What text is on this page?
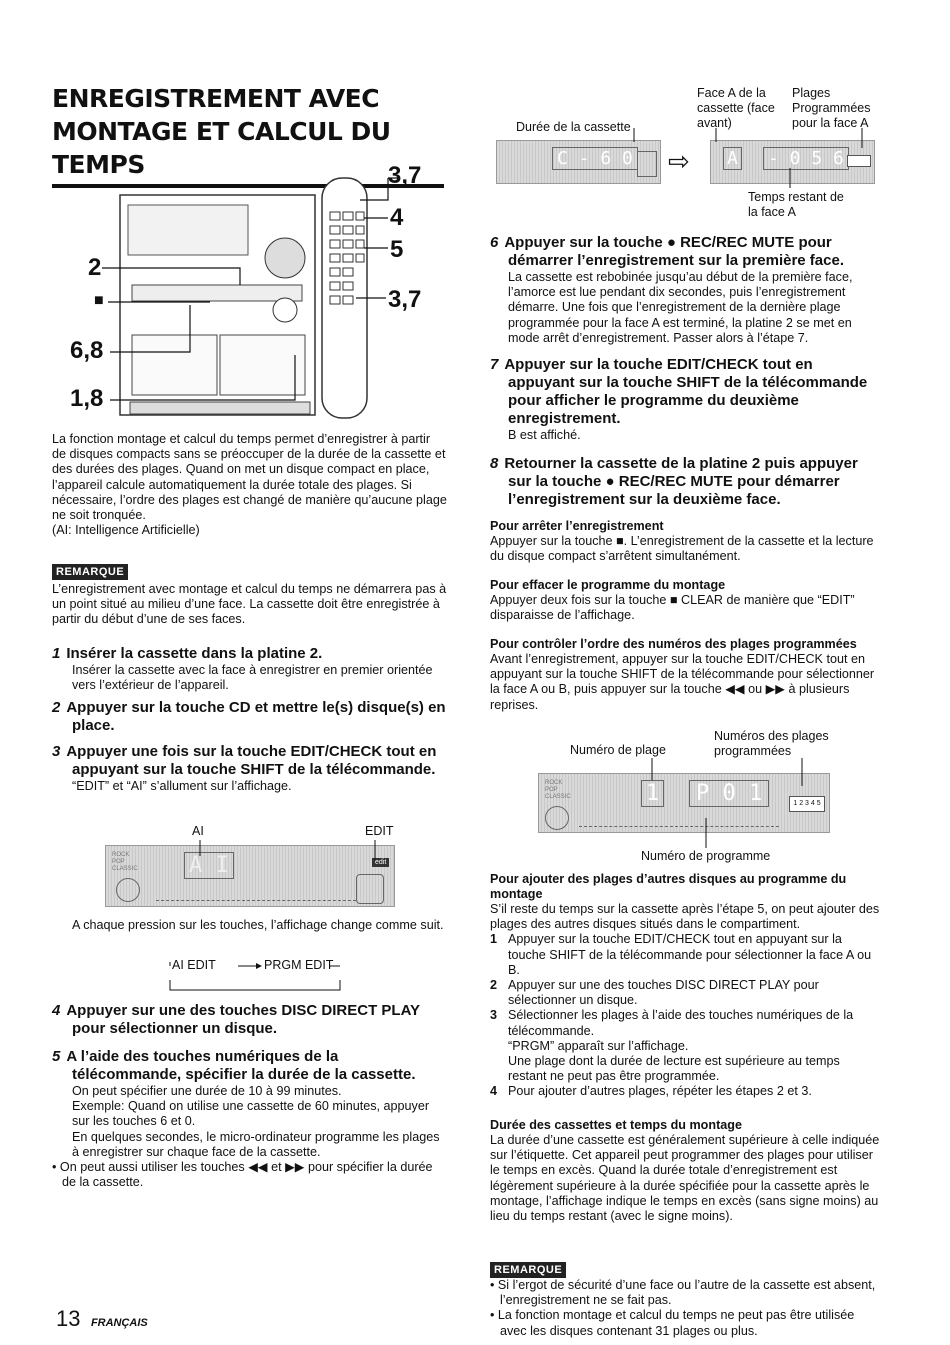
ENREGISTREMENT AVEC
MONTAGE ET CALCUL DU TEMPS
2
■
6,8
1,8
3,7
4
5
3,7
La fonction montage et calcul du temps permet d’enregistrer à partir de disques compacts sans se préoccuper de la durée de la cassette et des durées des plages. Quand on met un disque compact en place, l’appareil calcule automatiquement la durée totale des plages. Si nécessaire, l’ordre des plages est changé de manière qu’aucune plage ne soit tronquée.
(AI: Intelligence Artificielle)
REMARQUE
L’enregistrement avec montage et calcul du temps ne démarrera pas à un point situé au milieu d’une face. La cassette doit être enregistrée à partir du début d’une de ses faces.
1 Insérer la cassette dans la platine 2.
Insérer la cassette avec la face à enregistrer en premier orientée vers l’extérieur de l’appareil.
2 Appuyer sur la touche CD et mettre le(s) disque(s) en place.
3 Appuyer une fois sur la touche EDIT/CHECK tout en appuyant sur la touche SHIFT de la télécommande.
“EDIT” et “AI” s’allument sur l’affichage.
AI	EDIT
ROCK POP CLASSIC A I	edit
A chaque pression sur les touches, l’affichage change comme suit.
AI EDIT	PRGM EDIT
4 Appuyer sur une des touches DISC DIRECT PLAY pour sélectionner un disque.
5 A l’aide des touches numériques de la télécommande, spécifier la durée de la cassette.
On peut spécifier une durée de 10 à 99 minutes.
Exemple: Quand on utilise une cassette de 60 minutes, appuyer sur les touches 6 et 0.
En quelques secondes, le micro-ordinateur programme les plages à enregistrer sur chaque face de la cassette.
• On peut aussi utiliser les touches ◀◀ et ▶▶ pour spécifier la durée de la cassette.
13 FRANÇAIS
Durée de la cassette
Face A de la cassette (face avant)
Plages Programmées pour la face A
C - 6 0 ⇨ A - 0 5 6
Temps restant de la face A
6 Appuyer sur la touche ● REC/REC MUTE pour démarrer l’enregistrement sur la première face.
La cassette est rebobinée jusqu’au début de la première face, l’amorce est lue pendant dix secondes, puis l’enregistrement démarre. Une fois que l’enregistrement de la dernière plage programmée pour la face A est terminé, la platine 2 se met en mode arrêt d’enregistrement. Passer alors à l’étape 7.
7 Appuyer sur la touche EDIT/CHECK tout en appuyant sur la touche SHIFT de la télécommande pour afficher le programme du deuxième enregistrement.
B est affiché.
8 Retourner la cassette de la platine 2 puis appuyer sur la touche ● REC/REC MUTE pour démarrer l’enregistrement sur la deuxième face.
Pour arrêter l’enregistrement
Appuyer sur la touche ■. L’enregistrement de la cassette et la lecture du disque compact s’arrêtent simultanément.
Pour effacer le programme du montage
Appuyer deux fois sur la touche ■ CLEAR de manière que “EDIT” disparaisse de l’affichage.
Pour contrôler l’ordre des numéros des plages programmées
Avant l’enregistrement, appuyer sur la touche EDIT/CHECK tout en appuyant sur la touche SHIFT de la télécommande pour sélectionner la face A ou B, puis appuyer sur la touche ◀◀ ou ▶▶ à plusieurs reprises.
Numéro de plage
Numéros des plages programmées
ROCK POP CLASSIC	1	P 0 1	1 2 3 4 5
Numéro de programme
Pour ajouter des plages d’autres disques au programme du montage
S’il reste du temps sur la cassette après l’étape 5, on peut ajouter des plages des autres disques situés dans le compartiment.
1 Appuyer sur la touche EDIT/CHECK tout en appuyant sur la touche SHIFT de la télécommande pour sélectionner la face A ou B.
2 Appuyer sur une des touches DISC DIRECT PLAY pour sélectionner un disque.
3 Sélectionner les plages à l’aide des touches numériques de la télécommande.
“PRGM” apparaît sur l’affichage.
Une plage dont la durée de lecture est supérieure au temps restant ne peut pas être programmée.
4 Pour ajouter d’autres plages, répéter les étapes 2 et 3.
Durée des cassettes et temps du montage
La durée d’une cassette est généralement supérieure à celle indiquée sur l’étiquette. Cet appareil peut programmer des plages pour utiliser le temps en excès. Quand la durée totale d’enregistrement est légèrement supérieure à la durée spécifiée pour la cassette après le montage, l’affichage indique le temps en excès (sans signe moins) au lieu du temps restant (avec le signe moins).
REMARQUE
• Si l’ergot de sécurité d’une face ou l’autre de la cassette est absent, l’enregistrement ne se fait pas.
• La fonction montage et calcul du temps ne peut pas être utilisée avec les disques contenant 31 plages ou plus.
